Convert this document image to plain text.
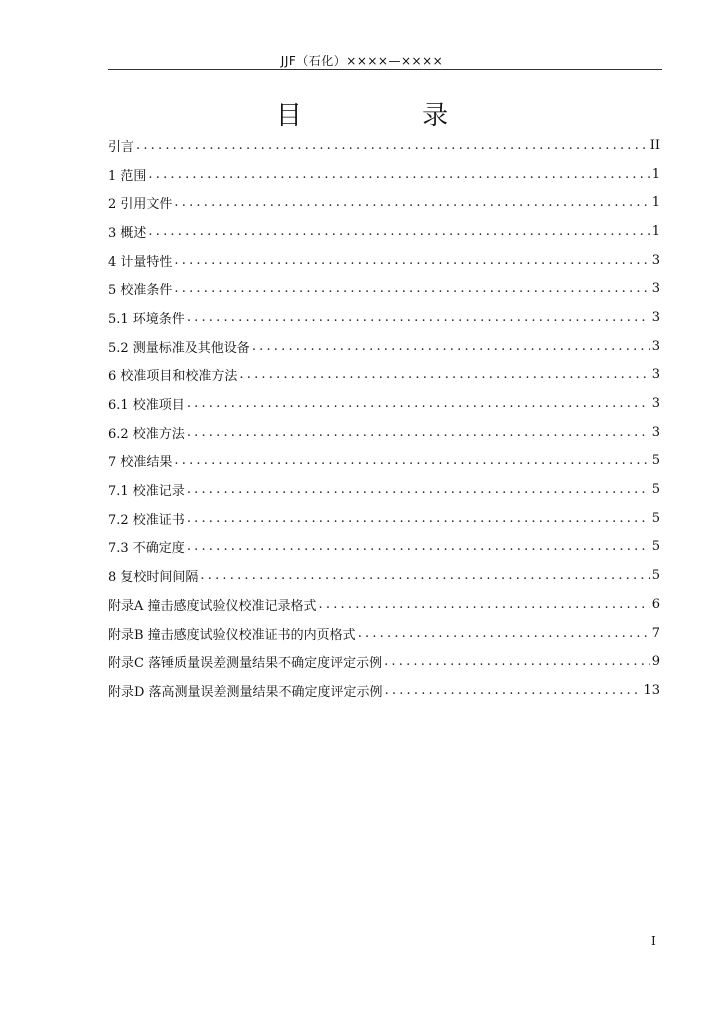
JJF（石化）××××—××××
目 录
引言 .....	II
1 范围 .....	1
2 引用文件 .....	1
3 概述 .....	1
4 计量特性 .....	3
5 校准条件 .....	3
5.1 环境条件 .....	3
5.2 测量标准及其他设备 .....	3
6 校准项目和校准方法 .....	3
6.1 校准项目 .....	3
6.2 校准方法 .....	3
7 校准结果 .....	5
7.1 校准记录 .....	5
7.2 校准证书 .....	5
7.3 不确定度 .....	5
8 复校时间间隔 .....	5
附录A 撞击感度试验仪校准记录格式 .....	6
附录B 撞击感度试验仪校准证书的内页格式 .....	7
附录C 落锤质量误差测量结果不确定度评定示例 .....	9
附录D 落高测量误差测量结果不确定度评定示例 .....	13
I
